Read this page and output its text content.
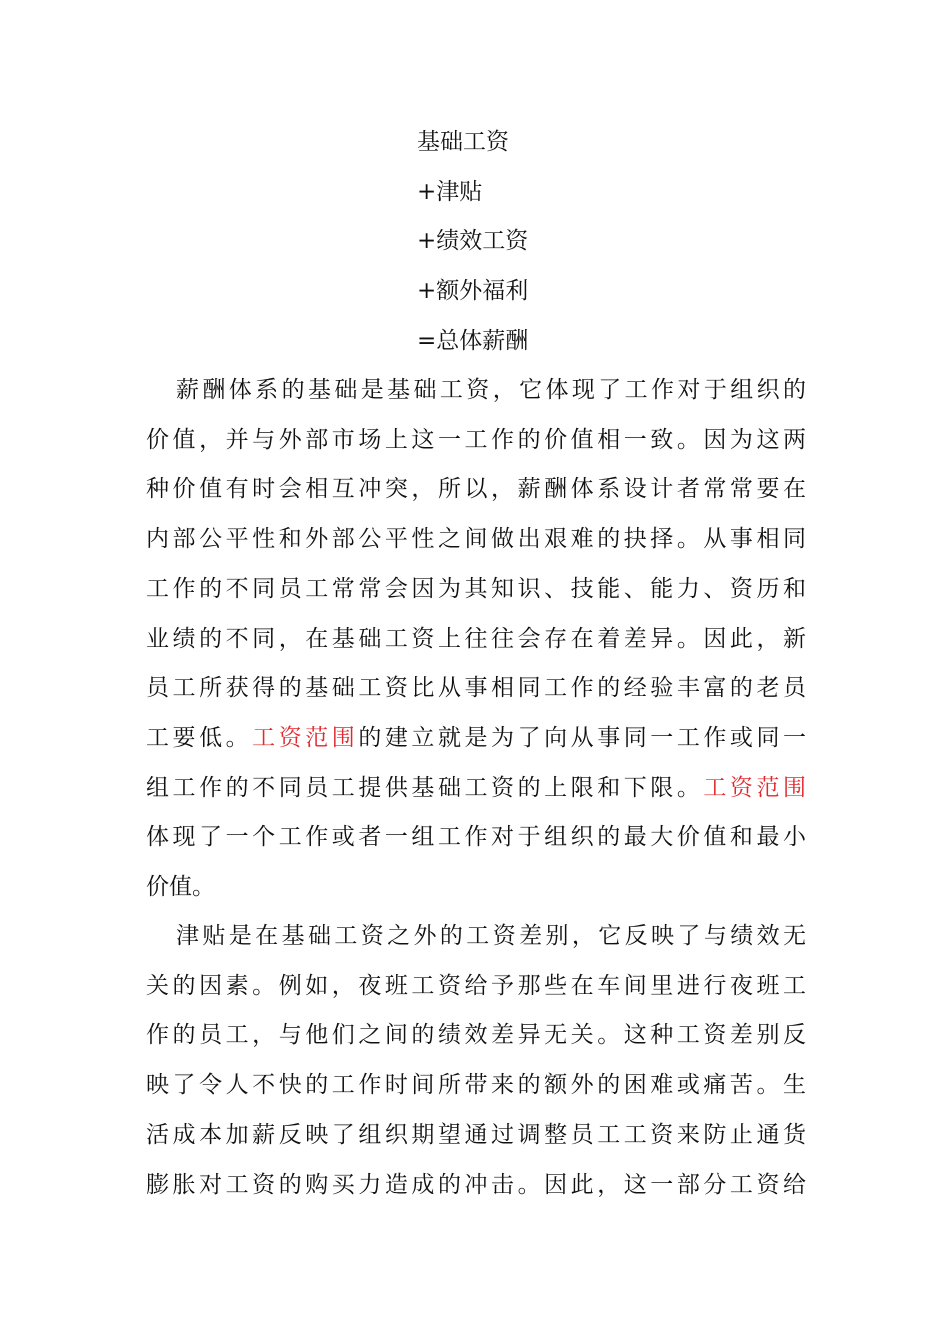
基础工资
+津贴
+绩效工资
+额外福利
=总体薪酬
薪酬体系的基础是基础工资，它体现了工作对于组织的
价值，并与外部市场上这一工作的价值相一致。因为这两
种价值有时会相互冲突，所以，薪酬体系设计者常常要在
内部公平性和外部公平性之间做出艰难的抉择。从事相同
工作的不同员工常常会因为其知识、技能、能力、资历和
业绩的不同，在基础工资上往往会存在着差异。因此，新
员工所获得的基础工资比从事相同工作的经验丰富的老员
工要低。工资范围的建立就是为了向从事同一工作或同一
组工作的不同员工提供基础工资的上限和下限。工资范围
体现了一个工作或者一组工作对于组织的最大价值和最小
价值。
津贴是在基础工资之外的工资差别，它反映了与绩效无
关的因素。例如，夜班工资给予那些在车间里进行夜班工
作的员工，与他们之间的绩效差异无关。这种工资差别反
映了令人不快的工作时间所带来的额外的困难或痛苦。生
活成本加薪反映了组织期望通过调整员工工资来防止通货
膨胀对工资的购买力造成的冲击。因此，这一部分工资给
